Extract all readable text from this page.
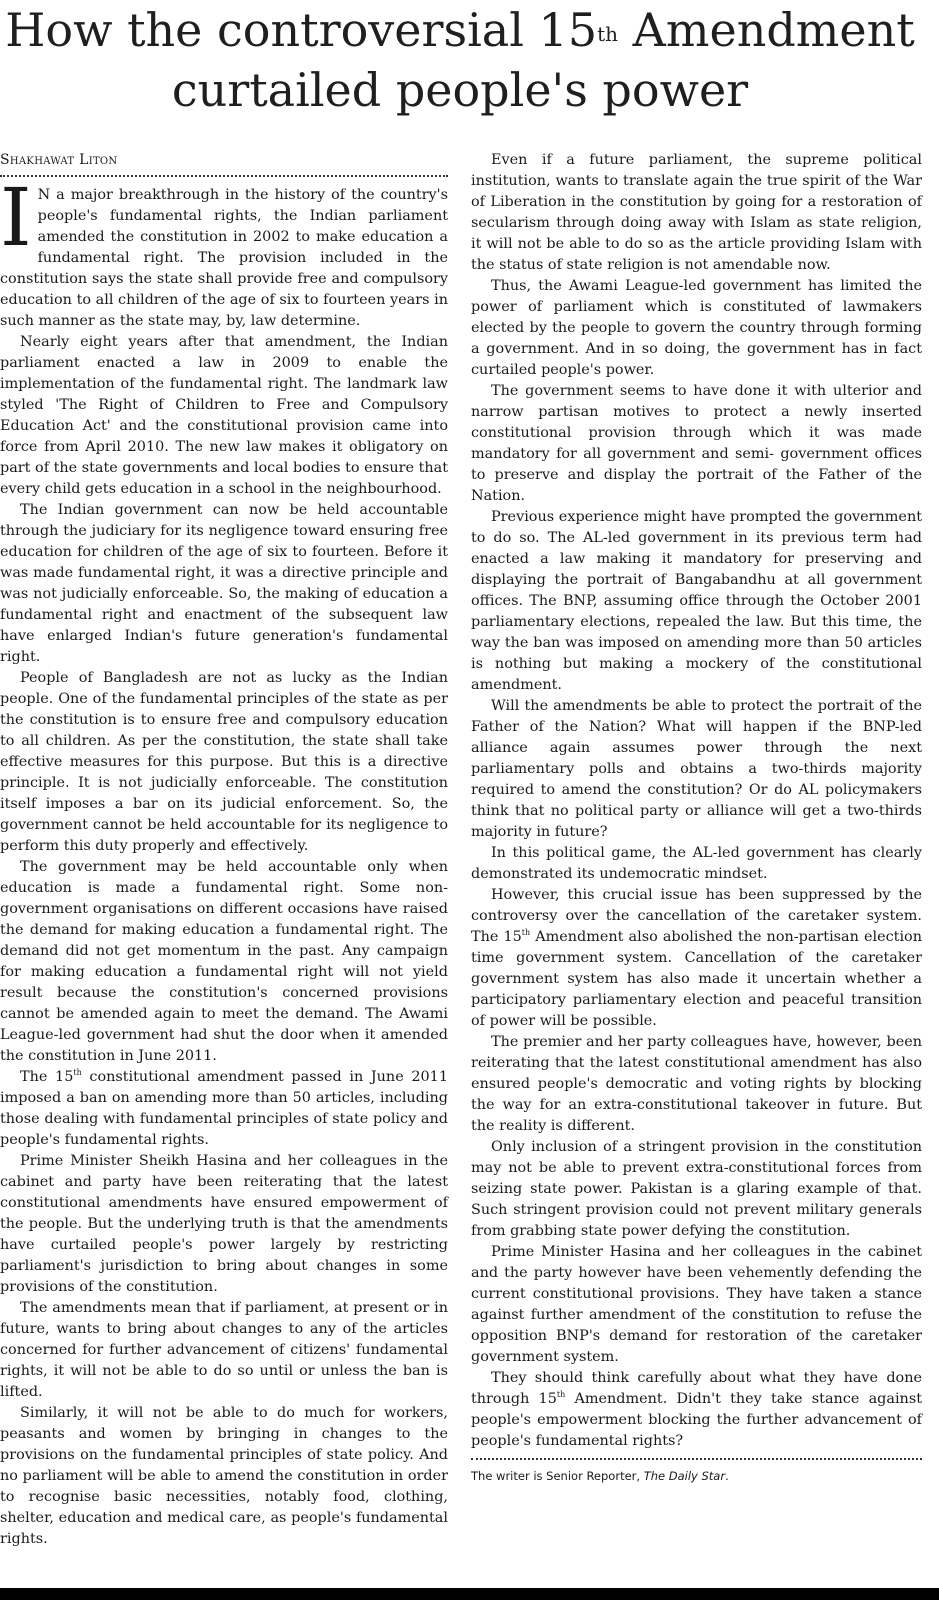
How the controversial 15th Amendment
curtailed people's power
Shakhawat Liton

I N a major breakthrough in the history of the country's people's fundamental rights, the Indian parliament amended the constitution in 2002 to make education a fundamental right. The provision included in the constitution says the state shall provide free and compulsory education to all children of the age of six to fourteen years in such manner as the state may, by, law determine.

Nearly eight years after that amendment, the Indian parliament enacted a law in 2009 to enable the implementation of the fundamental right. The landmark law styled 'The Right of Children to Free and Compulsory Education Act' and the constitutional provision came into force from April 2010. The new law makes it obligatory on part of the state governments and local bodies to ensure that every child gets education in a school in the neighbourhood.

The Indian government can now be held accountable through the judiciary for its negligence toward ensuring free education for children of the age of six to fourteen. Before it was made fundamental right, it was a directive principle and was not judicially enforceable. So, the making of education a fundamental right and enactment of the subsequent law have enlarged Indian's future generation's fundamental right.

People of Bangladesh are not as lucky as the Indian people. One of the fundamental principles of the state as per the constitution is to ensure free and compulsory education to all children. As per the constitution, the state shall take effective measures for this purpose. But this is a directive principle. It is not judicially enforceable. The constitution itself imposes a bar on its judicial enforcement. So, the government cannot be held accountable for its negligence to perform this duty properly and effectively.

The government may be held accountable only when education is made a fundamental right. Some non-government organisations on different occasions have raised the demand for making education a fundamental right. The demand did not get momentum in the past. Any campaign for making education a fundamental right will not yield result because the constitution's concerned provisions cannot be amended again to meet the demand. The Awami League-led government had shut the door when it amended the constitution in June 2011.

The 15th constitutional amendment passed in June 2011 imposed a ban on amending more than 50 articles, including those dealing with fundamental principles of state policy and people's fundamental rights.

Prime Minister Sheikh Hasina and her colleagues in the cabinet and party have been reiterating that the latest constitutional amendments have ensured empowerment of the people. But the underlying truth is that the amendments have curtailed people's power largely by restricting parliament's jurisdiction to bring about changes in some provisions of the constitution.

The amendments mean that if parliament, at present or in future, wants to bring about changes to any of the articles concerned for further advancement of citizens' fundamental rights, it will not be able to do so until or unless the ban is lifted.

Similarly, it will not be able to do much for workers, peasants and women by bringing in changes to the provisions on the fundamental principles of state policy. And no parliament will be able to amend the constitution in order to recognise basic necessities, notably food, clothing, shelter, education and medical care, as people's fundamental rights.

Even if a future parliament, the supreme political institution, wants to translate again the true spirit of the War of Liberation in the constitution by going for a restoration of secularism through doing away with Islam as state religion, it will not be able to do so as the article providing Islam with the status of state religion is not amendable now.

Thus, the Awami League-led government has limited the power of parliament which is constituted of lawmakers elected by the people to govern the country through forming a government. And in so doing, the government has in fact curtailed people's power.

The government seems to have done it with ulterior and narrow partisan motives to protect a newly inserted constitutional provision through which it was made mandatory for all government and semi- government offices to preserve and display the portrait of the Father of the Nation.

Previous experience might have prompted the government to do so. The AL-led government in its previous term had enacted a law making it mandatory for preserving and displaying the portrait of Bangabandhu at all government offices. The BNP, assuming office through the October 2001 parliamentary elections, repealed the law. But this time, the way the ban was imposed on amending more than 50 articles is nothing but making a mockery of the constitutional amendment.

Will the amendments be able to protect the portrait of the Father of the Nation? What will happen if the BNP-led alliance again assumes power through the next parliamentary polls and obtains a two-thirds majority required to amend the constitution? Or do AL policymakers think that no political party or alliance will get a two-thirds majority in future?

In this political game, the AL-led government has clearly demonstrated its undemocratic mindset.

However, this crucial issue has been suppressed by the controversy over the cancellation of the caretaker system. The 15th Amendment also abolished the non-partisan election time government system. Cancellation of the caretaker government system has also made it uncertain whether a participatory parliamentary election and peaceful transition of power will be possible.

The premier and her party colleagues have, however, been reiterating that the latest constitutional amendment has also ensured people's democratic and voting rights by blocking the way for an extra-constitutional takeover in future. But the reality is different.

Only inclusion of a stringent provision in the constitution may not be able to prevent extra-constitutional forces from seizing state power. Pakistan is a glaring example of that. Such stringent provision could not prevent military generals from grabbing state power defying the constitution.

Prime Minister Hasina and her colleagues in the cabinet and the party however have been vehemently defending the current constitutional provisions. They have taken a stance against further amendment of the constitution to refuse the opposition BNP's demand for restoration of the caretaker government system.

They should think carefully about what they have done through 15th Amendment. Didn't they take stance against people's empowerment blocking the further advancement of people's fundamental rights?

The writer is Senior Reporter, The Daily Star.
